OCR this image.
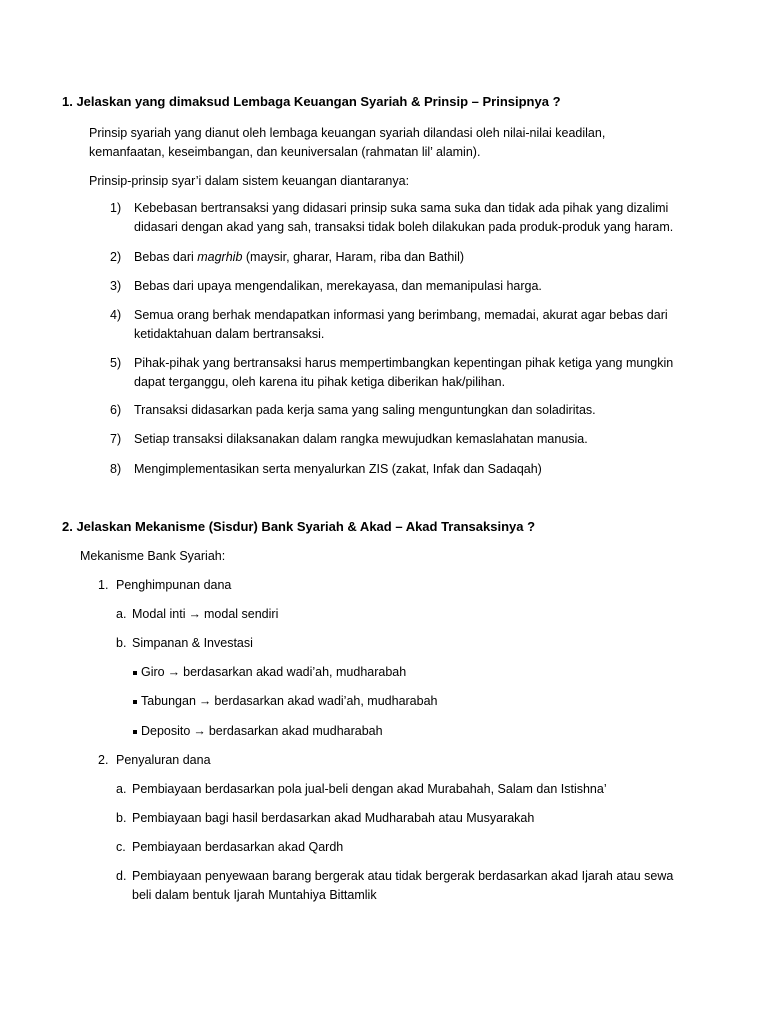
1. Jelaskan yang dimaksud Lembaga Keuangan Syariah & Prinsip – Prinsipnya ?
Prinsip syariah yang dianut oleh lembaga keuangan syariah dilandasi oleh nilai-nilai keadilan, kemanfaatan, keseimbangan, dan keuniversalan (rahmatan lil’ alamin).
Prinsip-prinsip syar’i dalam sistem keuangan diantaranya:
1) Kebebasan bertransaksi yang didasari prinsip suka sama suka dan tidak ada pihak yang dizalimi didasari dengan akad yang sah, transaksi tidak boleh dilakukan pada produk-produk yang haram.
2) Bebas dari magrhib (maysir, gharar, Haram, riba dan Bathil)
3) Bebas dari upaya mengendalikan, merekayasa, dan memanipulasi harga.
4) Semua orang berhak mendapatkan informasi yang berimbang, memadai, akurat agar bebas dari ketidaktahuan dalam bertransaksi.
5) Pihak-pihak yang bertransaksi harus mempertimbangkan kepentingan pihak ketiga yang mungkin dapat terganggu, oleh karena itu pihak ketiga diberikan hak/pilihan.
6) Transaksi didasarkan pada kerja sama yang saling menguntungkan dan soladiritas.
7) Setiap transaksi dilaksanakan dalam rangka mewujudkan kemaslahatan manusia.
8) Mengimplementasikan serta menyalurkan ZIS (zakat, Infak dan Sadaqah)
2. Jelaskan Mekanisme (Sisdur) Bank Syariah & Akad – Akad Transaksinya ?
Mekanisme Bank Syariah:
1. Penghimpunan dana
a. Modal inti → modal sendiri
b. Simpanan & Investasi
Giro → berdasarkan akad wadi’ah, mudharabah
Tabungan → berdasarkan akad wadi’ah, mudharabah
Deposito → berdasarkan akad mudharabah
2. Penyaluran dana
a. Pembiayaan berdasarkan pola jual-beli dengan akad Murabahah, Salam dan Istishna’
b. Pembiayaan bagi hasil berdasarkan akad Mudharabah atau Musyarakah
c. Pembiayaan berdasarkan akad Qardh
d. Pembiayaan penyewaan barang bergerak atau tidak bergerak berdasarkan akad Ijarah atau sewa beli dalam bentuk Ijarah Muntahiya Bittamlik
